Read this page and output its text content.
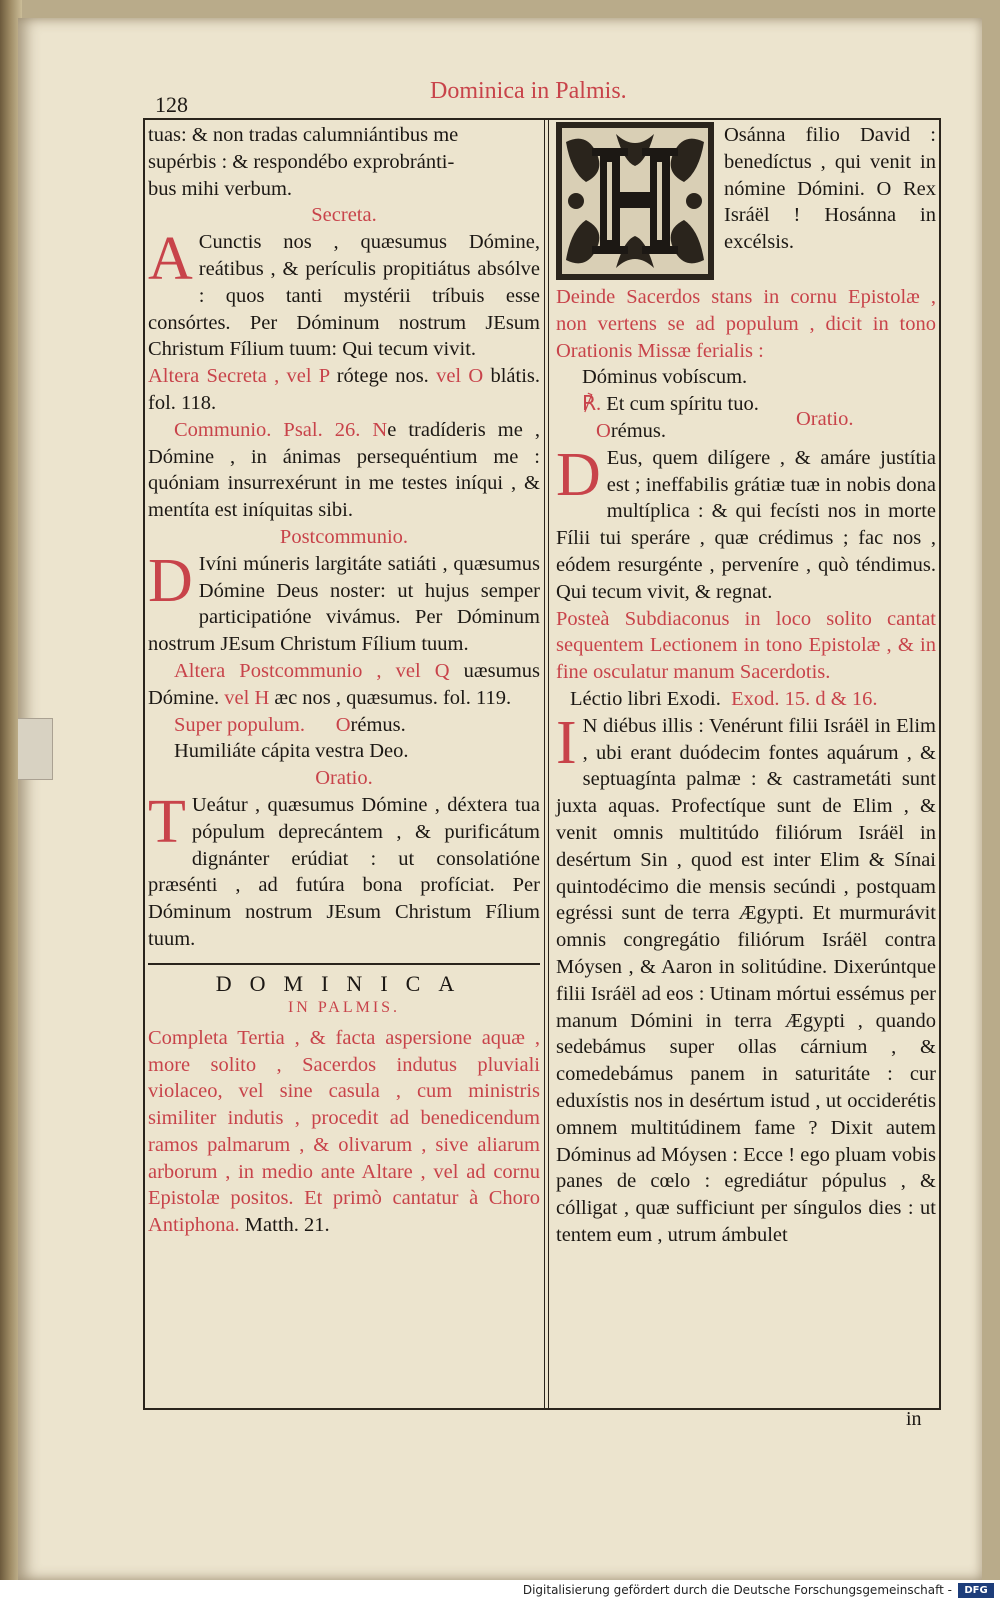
128
Dominica in Palmis.

tuas: & non tradas calumniántibus me

supérbis : & respondébo exprobránti-

bus mihi verbum.

Secreta.

A Cunctis nos , quæsumus Dómine, reátibus , & perículis propitiátus absólve : quos tanti mystérii tríbuis esse consórtes. Per Dóminum nostrum JEsum Christum Fílium tuum: Qui tecum vivit.

Altera Secreta , vel P rótege nos. vel O blátis. fol. 118.

Communio. Psal. 26. Ne tradíderis me , Dómine , in ánimas persequéntium me : quóniam insurrexérunt in me testes iníqui , & mentíta est iníquitas sibi.

Postcommunio.

D Ivíni múneris largitáte satiáti , quæsumus Dómine Deus noster: ut hujus semper participatióne vivámus. Per Dóminum nostrum JEsum Christum Fílium tuum.

Altera Postcommunio , vel Q uæsumus Dómine. vel H æc nos , quæsumus. fol. 119.

Super populum. Orémus.

Humiliáte cápita vestra Deo.

Oratio.

T Ueátur , quæsumus Dómine , déxtera tua pópulum deprecántem , & purificátum dignánter erúdiat : ut consolatióne præsénti , ad futúra bona profíciat. Per Dóminum nostrum JEsum Christum Fílium tuum.

DOMINICA
IN PALMIS.

Completa Tertia , & facta aspersione aquæ , more solito , Sacerdos indutus pluviali violaceo, vel sine casula , cum ministris similiter indutis , procedit ad benedicendum ramos palmarum , & olivarum , sive aliarum arborum , in medio ante Altare , vel ad cornu Epistolæ positos. Et primò cantatur à Choro Antiphona. Matth. 21.

Osánna filio David : benedíctus , qui venit in nómine Dómini. O Rex Isráël ! Hosánna in excélsis.

Deinde Sacerdos stans in cornu Epistolæ , non vertens se ad populum , dicit in tono Orationis Missæ ferialis :

Dóminus vobíscum.

℟. Et cum spíritu tuo.

Orémus.
Oratio.

D Eus, quem dilígere , & amáre justítia est ; ineffabilis grátiæ tuæ in nobis dona multíplica : & qui fecísti nos in morte Fílii tui speráre , quæ crédimus ; fac nos , eódem resurgénte , perveníre , quò téndimus. Qui tecum vivit, & regnat.

Posteà Subdiaconus in loco solito cantat sequentem Lectionem in tono Epistolæ , & in fine osculatur manum Sacerdotis.

Léctio libri Exodi. Exod. 15. d & 16.

I N diébus illis : Venérunt filii Isráël in Elim , ubi erant duódecim fontes aquárum , & septuagínta palmæ : & castrametáti sunt juxta aquas. Profectíque sunt de Elim , & venit omnis multitúdo filiórum Isráël in desértum Sin , quod est inter Elim & Sínai quintodécimo die mensis secúndi , postquam egréssi sunt de terra Ægypti. Et murmurávit omnis congregátio filiórum Isráël contra Móysen , & Aaron in solitúdine. Dixerúntque filii Isráël ad eos : Utinam mórtui essémus per manum Dómini in terra Ægypti , quando sedebámus super ollas cárnium , & comedebámus panem in saturitáte : cur eduxístis nos in desértum istud , ut occiderétis omnem multitúdinem fame ? Dixit autem Dóminus ad Móysen : Ecce ! ego pluam vobis panes de cœlo : egrediátur pópulus , & cólligat , quæ sufficiunt per síngulos dies : ut tentem eum , utrum ámbulet

in
Digitalisierung gefördert durch die Deutsche Forschungsgemeinschaft -	DFG
